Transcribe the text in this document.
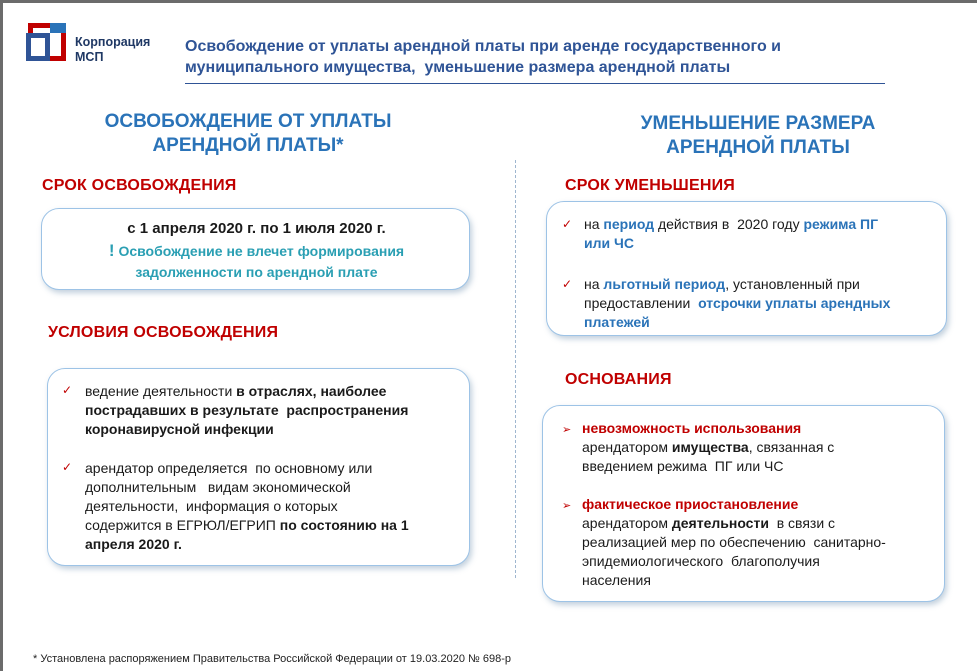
Корпорация
МСП
Освобождение от уплаты арендной платы при аренде государственного и
муниципального имущества,  уменьшение размера арендной платы
ОСВОБОЖДЕНИЕ ОТ УПЛАТЫ
АРЕНДНОЙ ПЛАТЫ*
УМЕНЬШЕНИЕ РАЗМЕРА
АРЕНДНОЙ ПЛАТЫ
СРОК ОСВОБОЖДЕНИЯ
с 1 апреля 2020 г. по 1 июля 2020 г.
! Освобождение не влечет формирования
задолженности по арендной плате
УСЛОВИЯ ОСВОБОЖДЕНИЯ
✓ ведение деятельности в отраслях, наиболее
пострадавших в результате  распространения
коронавирусной инфекции
✓ арендатор определяется  по основному или
дополнительным   видам экономической
деятельности,  информация о которых
содержится в ЕГРЮЛ/ЕГРИП по состоянию на 1
апреля 2020 г.
СРОК УМЕНЬШЕНИЯ
✓ на период действия в  2020 году режима ПГ
или ЧС
✓ на льготный период, установленный при
предоставлении  отсрочки уплаты арендных
платежей
ОСНОВАНИЯ
➢ невозможность использования
арендатором имущества, связанная с
введением режима  ПГ или ЧС
➢ фактическое приостановление
арендатором деятельности  в связи с
реализацией мер по обеспечению  санитарно-
эпидемиологического  благополучия
населения
* Установлена распоряжением Правительства Российской Федерации от 19.03.2020 № 698-р
